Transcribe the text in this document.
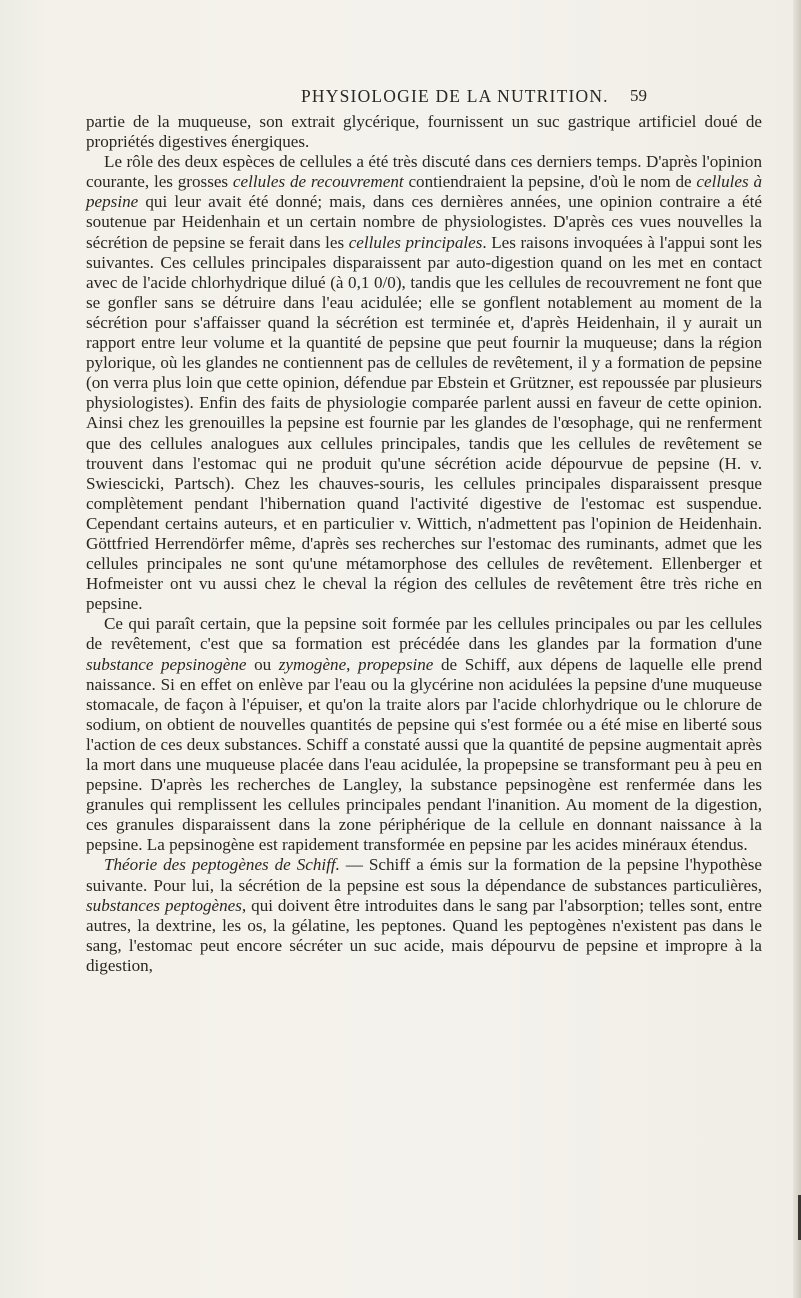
PHYSIOLOGIE DE LA NUTRITION. 59

partie de la muqueuse, son extrait glycérique, fournissent un suc gastrique artificiel doué de propriétés digestives énergiques.

Le rôle des deux espèces de cellules a été très discuté dans ces derniers temps. D'après l'opinion courante, les grosses cellules de recouvrement contiendraient la pepsine, d'où le nom de cellules à pepsine qui leur avait été donné; mais, dans ces dernières années, une opinion contraire a été soutenue par Heidenhain et un certain nombre de physiologistes. D'après ces vues nouvelles la sécrétion de pepsine se ferait dans les cellules principales. Les raisons invoquées à l'appui sont les suivantes. Ces cellules principales disparaissent par auto-digestion quand on les met en contact avec de l'acide chlorhydrique dilué (à 0,1 0/0), tandis que les cellules de recouvrement ne font que se gonfler sans se détruire dans l'eau acidulée; elle se gonflent notablement au moment de la sécrétion pour s'affaisser quand la sécrétion est terminée et, d'après Heidenhain, il y aurait un rapport entre leur volume et la quantité de pepsine que peut fournir la muqueuse; dans la région pylorique, où les glandes ne contiennent pas de cellules de revêtement, il y a formation de pepsine (on verra plus loin que cette opinion, défendue par Ebstein et Grützner, est repoussée par plusieurs physiologistes). Enfin des faits de physiologie comparée parlent aussi en faveur de cette opinion. Ainsi chez les grenouilles la pepsine est fournie par les glandes de l'œsophage, qui ne renferment que des cellules analogues aux cellules principales, tandis que les cellules de revêtement se trouvent dans l'estomac qui ne produit qu'une sécrétion acide dépourvue de pepsine (H. v. Swiescicki, Partsch). Chez les chauves-souris, les cellules principales disparaissent presque complètement pendant l'hibernation quand l'activité digestive de l'estomac est suspendue. Cependant certains auteurs, et en particulier v. Wittich, n'admettent pas l'opinion de Heidenhain. Göttfried Herrendörfer même, d'après ses recherches sur l'estomac des ruminants, admet que les cellules principales ne sont qu'une métamorphose des cellules de revêtement. Ellenberger et Hofmeister ont vu aussi chez le cheval la région des cellules de revêtement être très riche en pepsine.

Ce qui paraît certain, que la pepsine soit formée par les cellules principales ou par les cellules de revêtement, c'est que sa formation est précédée dans les glandes par la formation d'une substance pepsinogène ou zymogène, propepsine de Schiff, aux dépens de laquelle elle prend naissance. Si en effet on enlève par l'eau ou la glycérine non acidulées la pepsine d'une muqueuse stomacale, de façon à l'épuiser, et qu'on la traite alors par l'acide chlorhydrique ou le chlorure de sodium, on obtient de nouvelles quantités de pepsine qui s'est formée ou a été mise en liberté sous l'action de ces deux substances. Schiff a constaté aussi que la quantité de pepsine augmentait après la mort dans une muqueuse placée dans l'eau acidulée, la propepsine se transformant peu à peu en pepsine. D'après les recherches de Langley, la substance pepsinogène est renfermée dans les granules qui remplissent les cellules principales pendant l'inanition. Au moment de la digestion, ces granules disparaissent dans la zone périphérique de la cellule en donnant naissance à la pepsine. La pepsinogène est rapidement transformée en pepsine par les acides minéraux étendus.

Théorie des peptogènes de Schiff. — Schiff a émis sur la formation de la pepsine l'hypothèse suivante. Pour lui, la sécrétion de la pepsine est sous la dépendance de substances particulières, substances peptogènes, qui doivent être introduites dans le sang par l'absorption; telles sont, entre autres, la dextrine, les os, la gélatine, les peptones. Quand les peptogènes n'existent pas dans le sang, l'estomac peut encore sécréter un suc acide, mais dépourvu de pepsine et impropre à la digestion,
